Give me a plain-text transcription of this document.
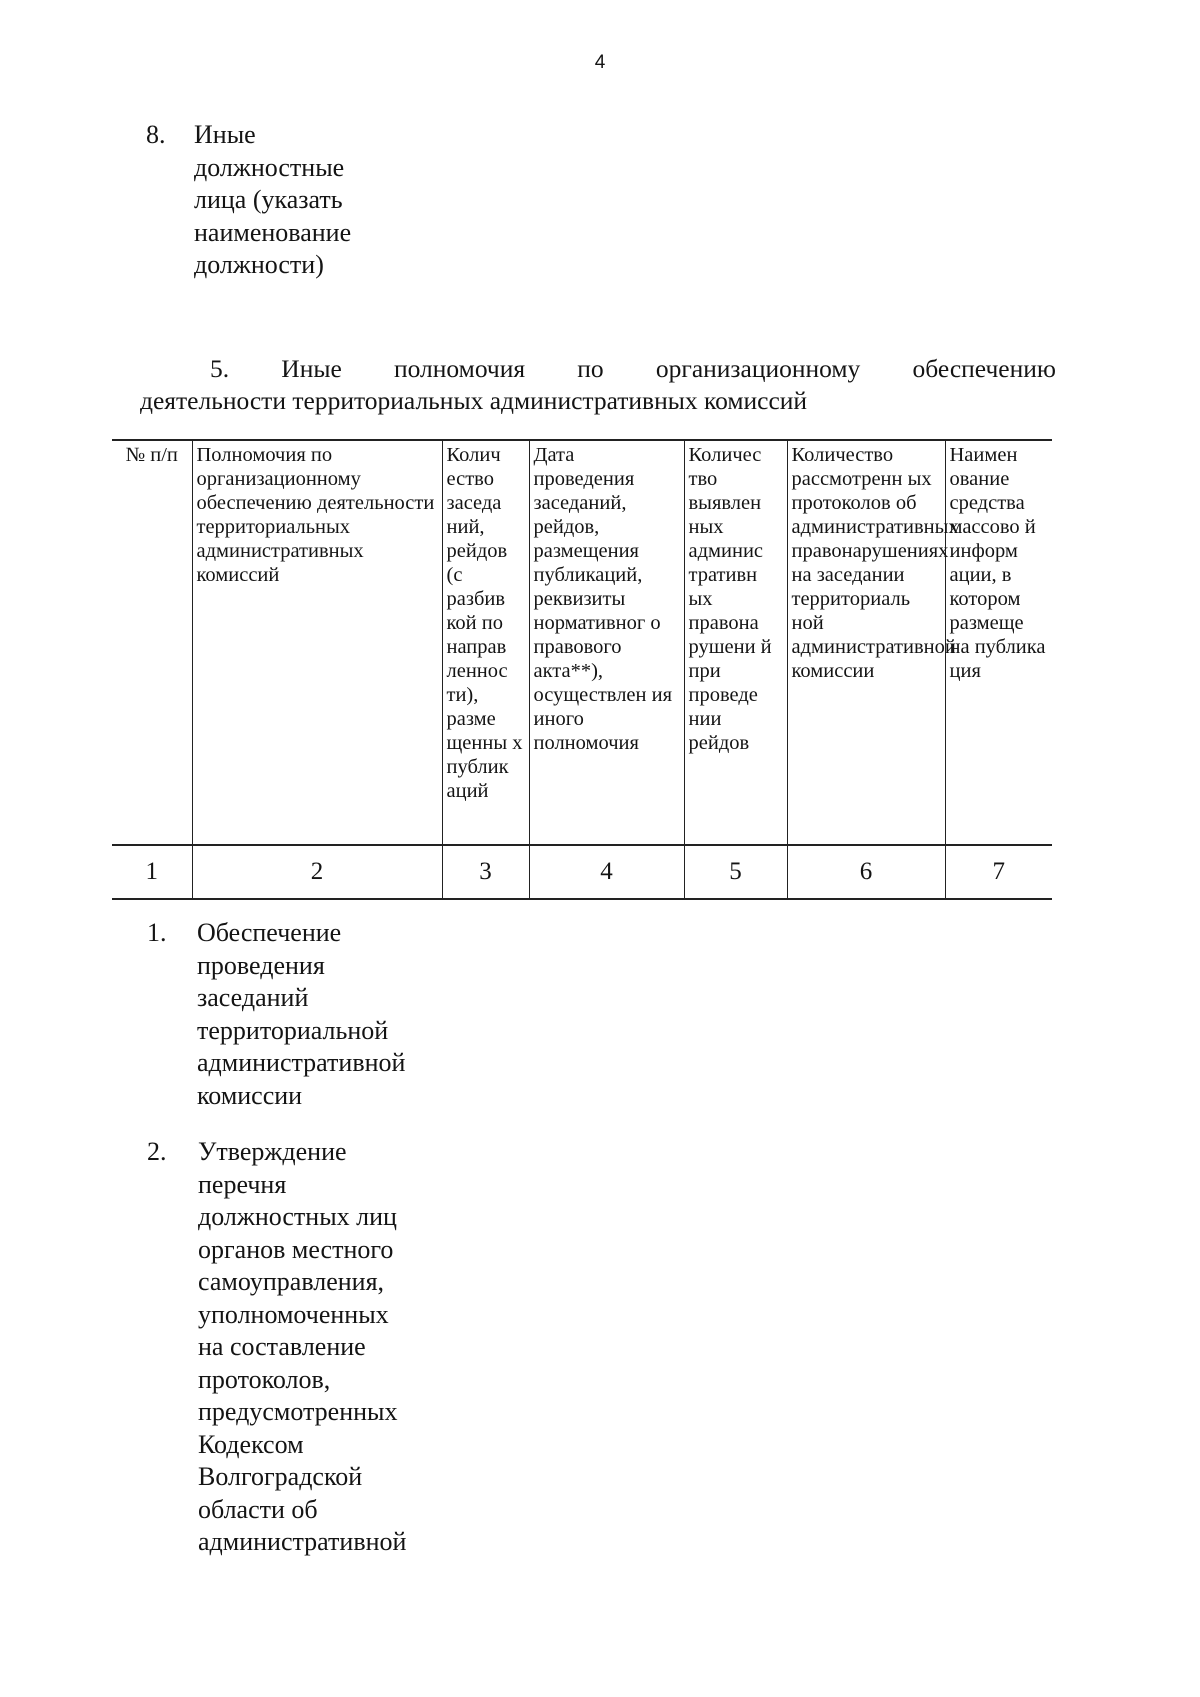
4
8. Иные
должностные
лица (указать
наименование
должности)
5. Иные полномочия по организационному обеспечению
деятельности территориальных административных комиссий
№ п/п	Полномочия по организационному обеспечению деятельности территориальных административных комиссий	Колич ество заседа ний, рейдов (с разбив кой по направ леннос ти), разме щенны х публик аций	Дата проведения заседаний, рейдов, размещения публикаций, реквизиты нормативног о правового акта**), осуществлен ия иного полномочия	Количес тво выявлен ных админис тративн ых правона рушени й при проведе нии рейдов	Количество рассмотренн ых протоколов об административных правонарушениях на заседании территориаль ной административной комиссии	Наимен ование средства массово й информ ации, в котором размеще на публика ция
1	2	3	4	5	6	7
1. Обеспечение
проведения
заседаний
территориальной
административной
комиссии
2. Утверждение
перечня
должностных лиц
органов местного
самоуправления,
уполномоченных
на составление
протоколов,
предусмотренных
Кодексом
Волгоградской
области об
административной
